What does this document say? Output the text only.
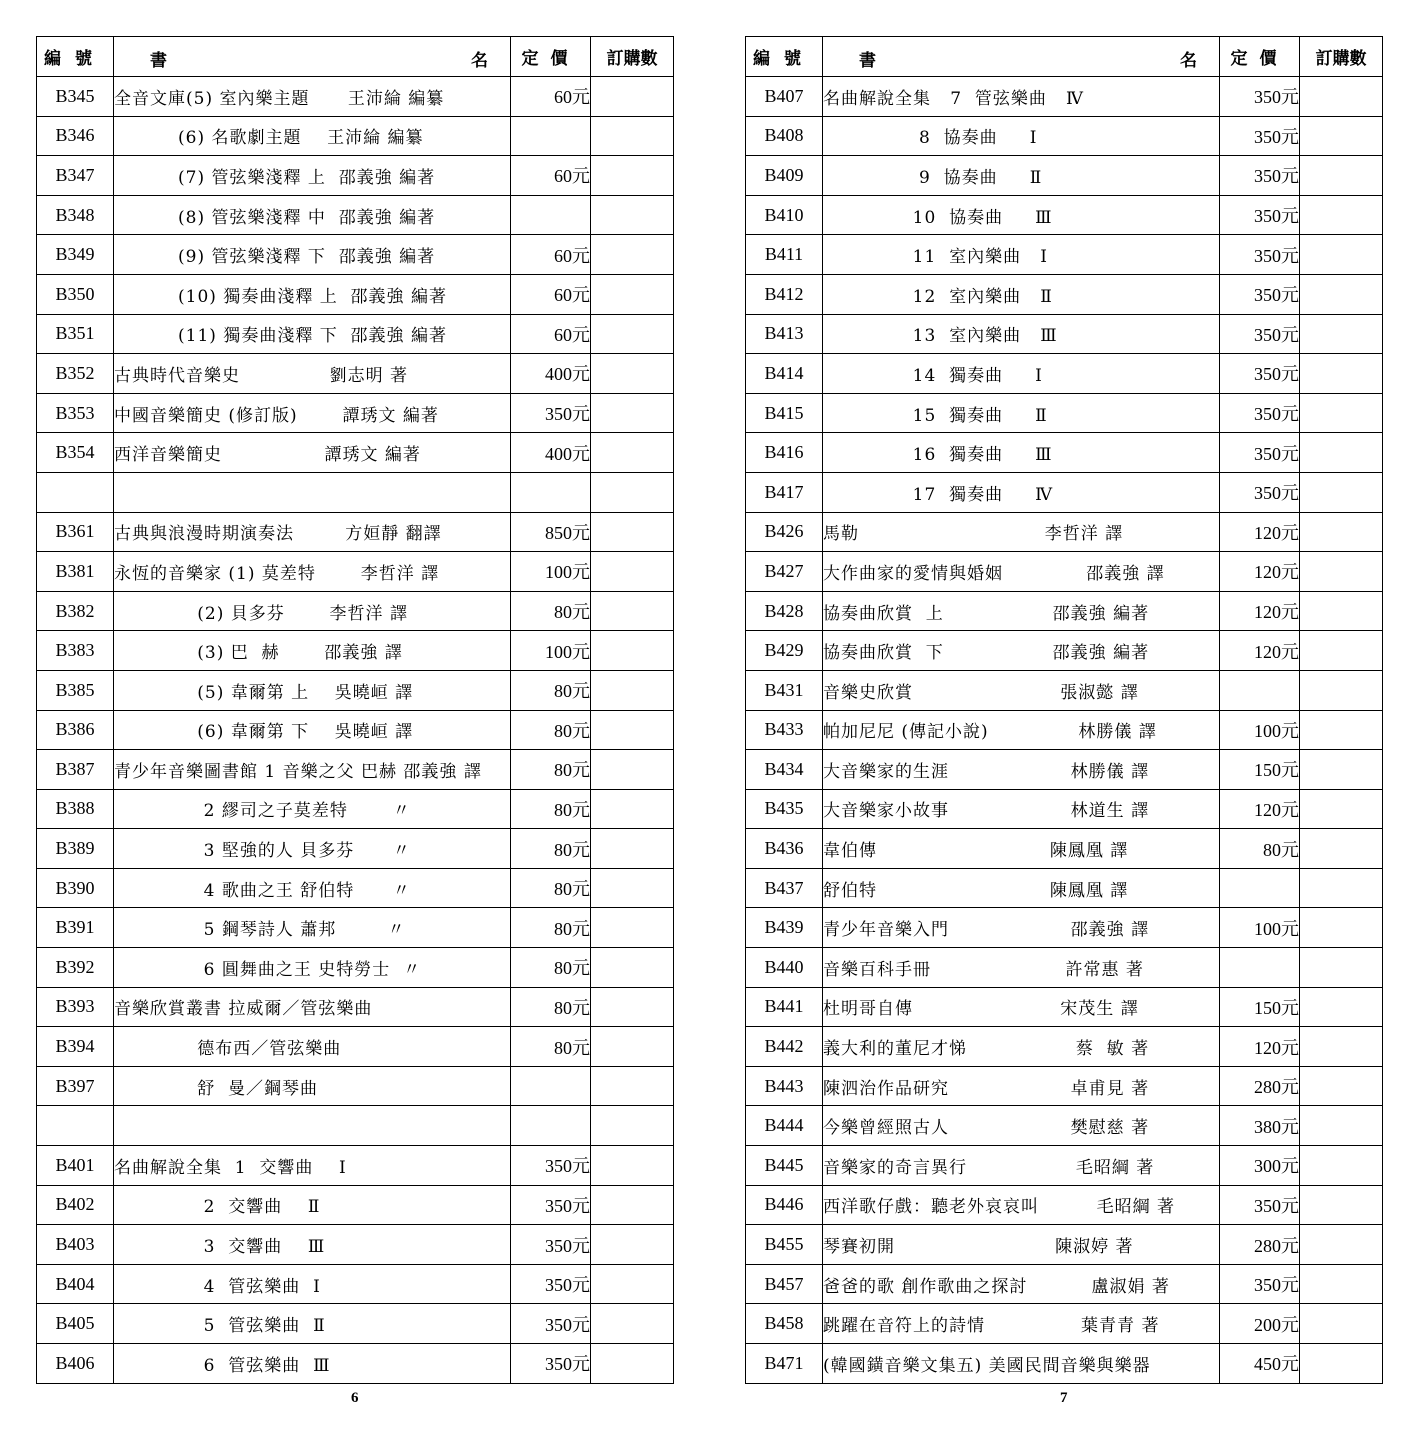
編號	書 名	定價	訂購數
B345	全音文庫(5) 室內樂主題      王沛綸 編纂	60元	
B346	(6) 名歌劇主題    王沛綸 編纂		
B347	(7) 管弦樂淺釋 上  邵義強 編著	60元	
B348	(8) 管弦樂淺釋 中  邵義強 編著		
B349	(9) 管弦樂淺釋 下  邵義強 編著	60元	
B350	(10) 獨奏曲淺釋 上  邵義強 編著	60元	
B351	(11) 獨奏曲淺釋 下  邵義強 編著	60元	
B352	古典時代音樂史              劉志明 著	400元	
B353	中國音樂簡史 (修訂版)       譚琇文 編著	350元	
B354	西洋音樂簡史                譚琇文 編著	400元	

B361	古典與浪漫時期演奏法        方姮靜 翻譯	850元	
B381	永恆的音樂家 (1) 莫差特       李哲洋 譯	100元	
B382	(2) 貝多芬       李哲洋 譯	80元	
B383	(3) 巴  赫       邵義強 譯	100元	
B385	(5) 韋爾第 上    吳曉峘 譯	80元	
B386	(6) 韋爾第 下    吳曉峘 譯	80元	
B387	青少年音樂圖書館 1 音樂之父 巴赫 邵義強 譯	80元	
B388	2 繆司之子莫差特       〃	80元	
B389	3 堅強的人 貝多芬      〃	80元	
B390	4 歌曲之王 舒伯特      〃	80元	
B391	5 鋼琴詩人 蕭邦        〃	80元	
B392	6 圓舞曲之王 史特勞士  〃	80元	
B393	音樂欣賞叢書 拉威爾／管弦樂曲	80元	
B394	德布西／管弦樂曲	80元	
B397	舒  曼／鋼琴曲		

B401	名曲解說全集  1  交響曲    Ⅰ	350元	
B402	2  交響曲    Ⅱ	350元	
B403	3  交響曲    Ⅲ	350元	
B404	4  管弦樂曲  Ⅰ	350元	
B405	5  管弦樂曲  Ⅱ	350元	
B406	6  管弦樂曲  Ⅲ	350元	
編號	書 名	定價	訂購數
B407	名曲解說全集   7  管弦樂曲   Ⅳ	350元	
B408	8  協奏曲     Ⅰ	350元	
B409	9  協奏曲     Ⅱ	350元	
B410	10  協奏曲     Ⅲ	350元	
B411	11  室內樂曲   Ⅰ	350元	
B412	12  室內樂曲   Ⅱ	350元	
B413	13  室內樂曲   Ⅲ	350元	
B414	14  獨奏曲     Ⅰ	350元	
B415	15  獨奏曲     Ⅱ	350元	
B416	16  獨奏曲     Ⅲ	350元	
B417	17  獨奏曲     Ⅳ	350元	
B426	馬勒                             李哲洋 譯	120元	
B427	大作曲家的愛情與婚姻             邵義強 譯	120元	
B428	協奏曲欣賞  上                 邵義強 編著	120元	
B429	協奏曲欣賞  下                 邵義強 編著	120元	
B431	音樂史欣賞                       張淑懿 譯		
B433	帕加尼尼 (傳記小說)              林勝儀 譯	100元	
B434	大音樂家的生涯                   林勝儀 譯	150元	
B435	大音樂家小故事                   林道生 譯	120元	
B436	韋伯傳                           陳鳳凰 譯	80元	
B437	舒伯特                           陳鳳凰 譯		
B439	青少年音樂入門                   邵義強 譯	100元	
B440	音樂百科手冊                     許常惠 著		
B441	杜明哥自傳                       宋茂生 譯	150元	
B442	義大利的董尼才悌                 蔡  敏 著	120元	
B443	陳泗治作品研究                   卓甫見 著	280元	
B444	今樂曾經照古人                   樊慰慈 著	380元	
B445	音樂家的奇言異行                 毛昭綱 著	300元	
B446	西洋歌仔戲：聽老外哀哀叫         毛昭綱 著	350元	
B455	琴賽初開                         陳淑婷 著	280元	
B457	爸爸的歌 創作歌曲之探討          盧淑娟 著	350元	
B458	跳躍在音符上的詩情               葉青青 著	200元	
B471	(韓國鐄音樂文集五) 美國民間音樂與樂器	450元	
6	7
